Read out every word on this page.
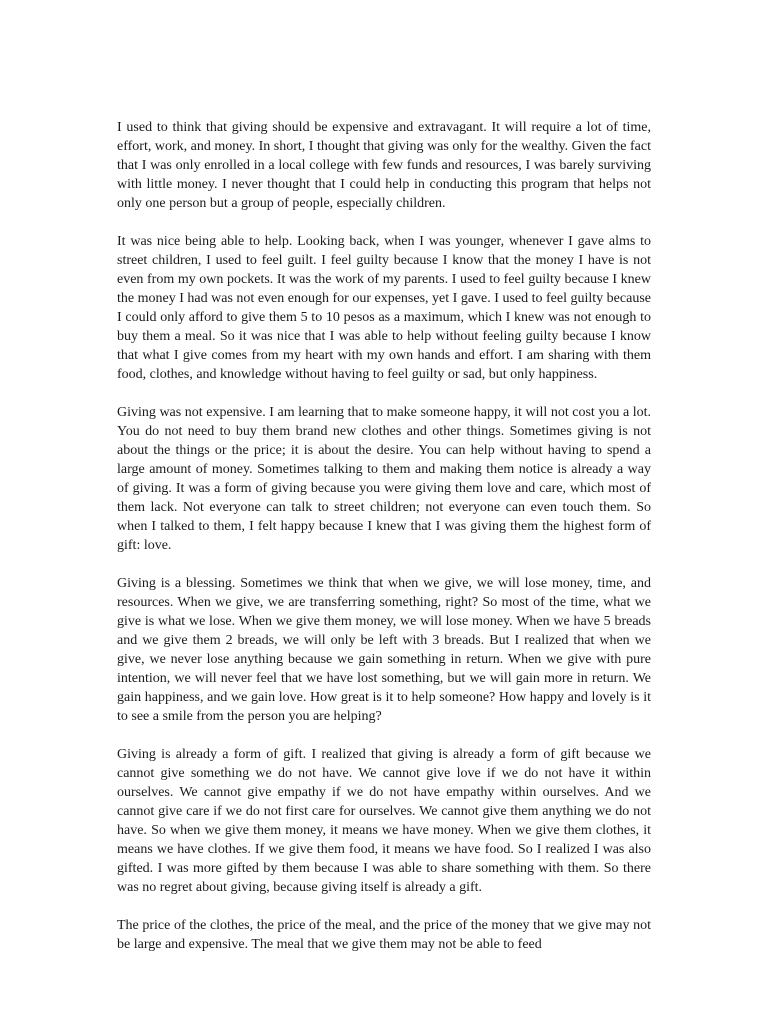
I used to think that giving should be expensive and extravagant. It will require a lot of time, effort, work, and money. In short, I thought that giving was only for the wealthy. Given the fact that I was only enrolled in a local college with few funds and resources, I was barely surviving with little money. I never thought that I could help in conducting this program that helps not only one person but a group of people, especially children.

It was nice being able to help. Looking back, when I was younger, whenever I gave alms to street children, I used to feel guilt. I feel guilty because I know that the money I have is not even from my own pockets. It was the work of my parents. I used to feel guilty because I knew the money I had was not even enough for our expenses, yet I gave. I used to feel guilty because I could only afford to give them 5 to 10 pesos as a maximum, which I knew was not enough to buy them a meal. So it was nice that I was able to help without feeling guilty because I know that what I give comes from my heart with my own hands and effort. I am sharing with them food, clothes, and knowledge without having to feel guilty or sad, but only happiness.

Giving was not expensive. I am learning that to make someone happy, it will not cost you a lot. You do not need to buy them brand new clothes and other things. Sometimes giving is not about the things or the price; it is about the desire. You can help without having to spend a large amount of money. Sometimes talking to them and making them notice is already a way of giving. It was a form of giving because you were giving them love and care, which most of them lack. Not everyone can talk to street children; not everyone can even touch them. So when I talked to them, I felt happy because I knew that I was giving them the highest form of gift: love.

Giving is a blessing. Sometimes we think that when we give, we will lose money, time, and resources. When we give, we are transferring something, right? So most of the time, what we give is what we lose. When we give them money, we will lose money. When we have 5 breads and we give them 2 breads, we will only be left with 3 breads. But I realized that when we give, we never lose anything because we gain something in return. When we give with pure intention, we will never feel that we have lost something, but we will gain more in return. We gain happiness, and we gain love. How great is it to help someone? How happy and lovely is it to see a smile from the person you are helping?

Giving is already a form of gift. I realized that giving is already a form of gift because we cannot give something we do not have. We cannot give love if we do not have it within ourselves. We cannot give empathy if we do not have empathy within ourselves. And we cannot give care if we do not first care for ourselves. We cannot give them anything we do not have. So when we give them money, it means we have money. When we give them clothes, it means we have clothes. If we give them food, it means we have food. So I realized I was also gifted. I was more gifted by them because I was able to share something with them. So there was no regret about giving, because giving itself is already a gift.

The price of the clothes, the price of the meal, and the price of the money that we give may not be large and expensive. The meal that we give them may not be able to feed
